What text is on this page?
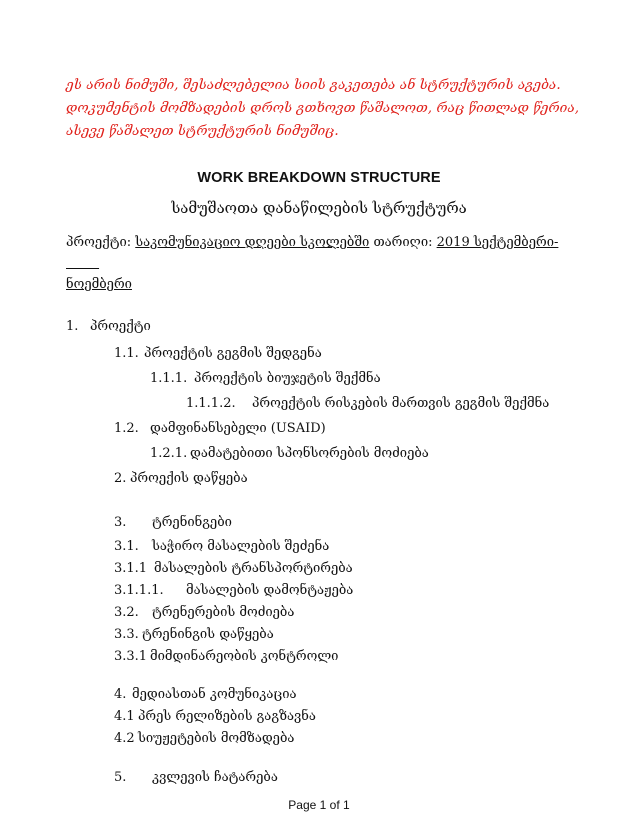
ეს არის ნიმუში, შესაძლებელია სიის გაკეთება ან სტრუქტურის აგება.
დოკუმენტის მომზადების დროს გთხოვთ წაშალოთ, რაც წითლად წერია,
ასევე წაშალეთ სტრუქტურის ნიმუშიც.
WORK BREAKDOWN STRUCTURE
სამუშაოთა დანაწილების სტრუქტურა
პროექტი: საკომუნიკაციო დღეები სკოლებში თარიღი: 2019 სექტემბერი-
ნოემბერი
1. პროექტი
1.1. პროექტის გეგმის შედგენა
1.1.1. პროექტის ბიუჯეტის შექმნა
1.1.1.2. პროექტის რისკების მართვის გეგმის შექმნა
1.2. დამფინანსებელი (USAID)
1.2.1. დამატებითი სპონსორების მოძიება
2. პროექის დაწყება
3. ტრენინგები
3.1. საჭირო მასალების შეძენა
3.1.1 მასალების ტრანსპორტირება
3.1.1.1. მასალების დამონტაჟება
3.2. ტრენერების მოძიება
3.3. ტრენინგის დაწყება
3.3.1 მიმდინარეობის კონტროლი
4. მედიასთან კომუნიკაცია
4.1 პრეს რელიზების გაგზავნა
4.2 სიუჟეტების მომზადება
5. კვლევის ჩატარება
Page 1 of 1
